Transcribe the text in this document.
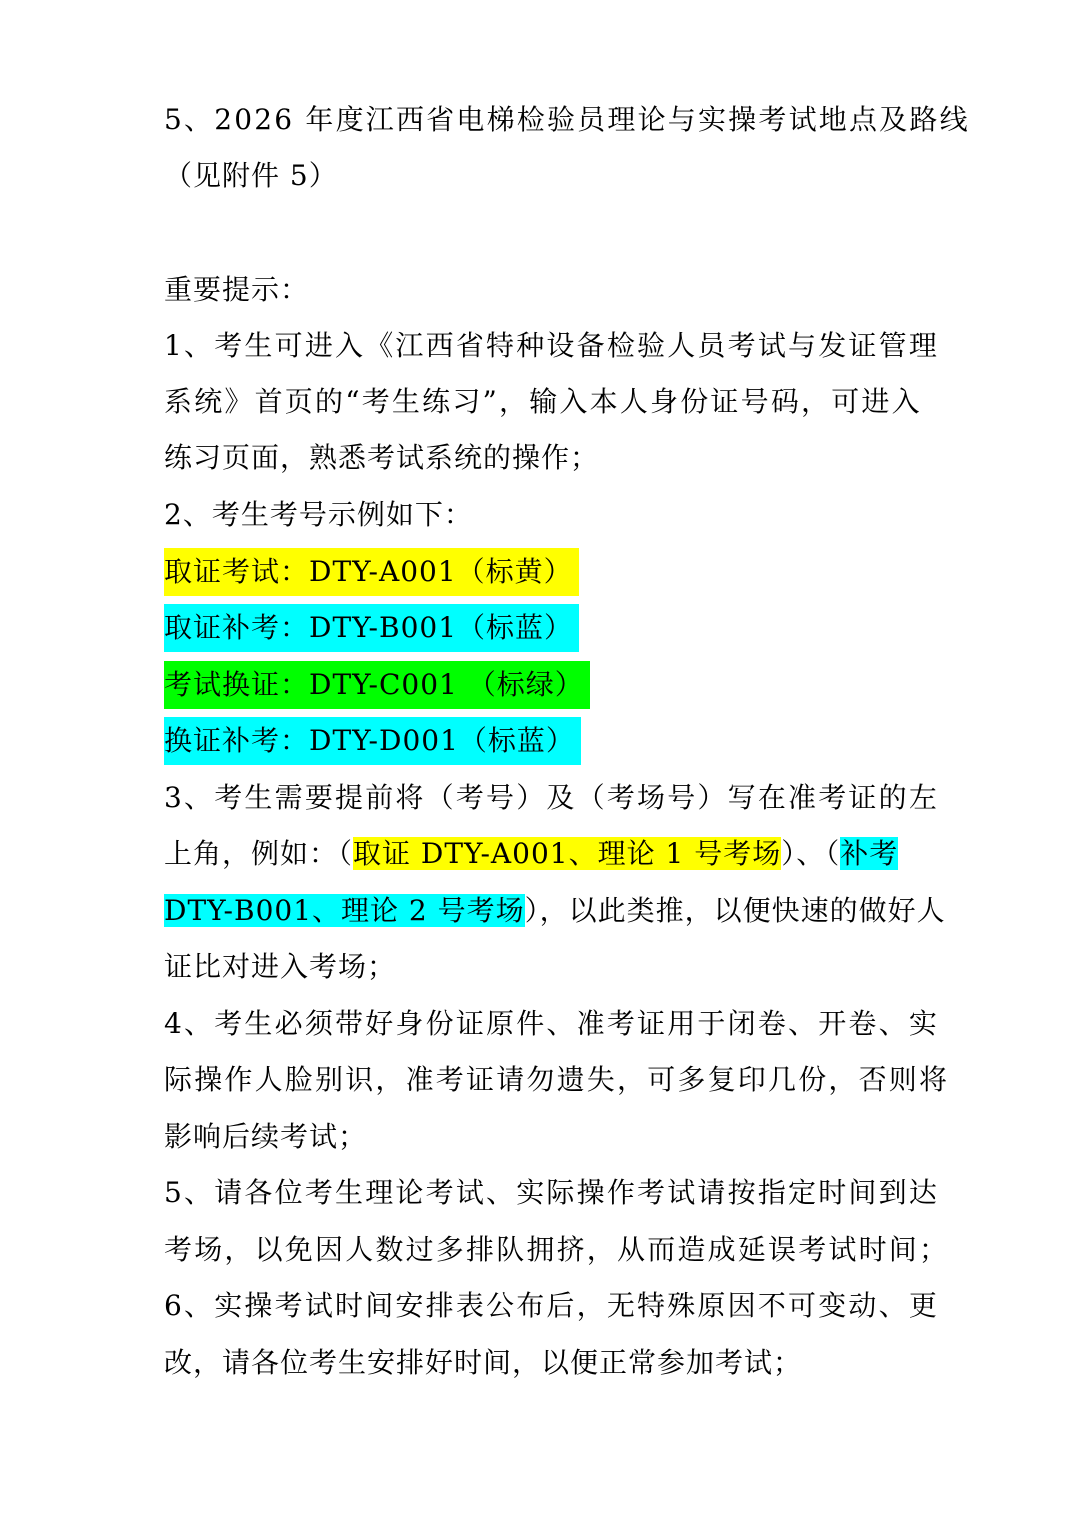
5、2026 年度江西省电梯检验员理论与实操考试地点及路线
（见附件 5）
重要提示：
1、考生可进入《江西省特种设备检验人员考试与发证管理
系统》首页的“考生练习”，输入本人身份证号码，可进入
练习页面，熟悉考试系统的操作；
2、考生考号示例如下：
取证考试：DTY-A001（标黄）
取证补考：DTY-B001（标蓝）
考试换证：DTY-C001 （标绿）
换证补考：DTY-D001（标蓝）
3、考生需要提前将（考号）及（考场号）写在准考证的左
上角，例如：（取证 DTY-A001、理论 1 号考场）、（补考
DTY-B001、理论 2 号考场），以此类推，以便快速的做好人
证比对进入考场；
4、考生必须带好身份证原件、准考证用于闭卷、开卷、实
际操作人脸别识，准考证请勿遗失，可多复印几份，否则将
影响后续考试；
5、请各位考生理论考试、实际操作考试请按指定时间到达
考场，以免因人数过多排队拥挤，从而造成延误考试时间；
6、实操考试时间安排表公布后，无特殊原因不可变动、更
改，请各位考生安排好时间，以便正常参加考试；
